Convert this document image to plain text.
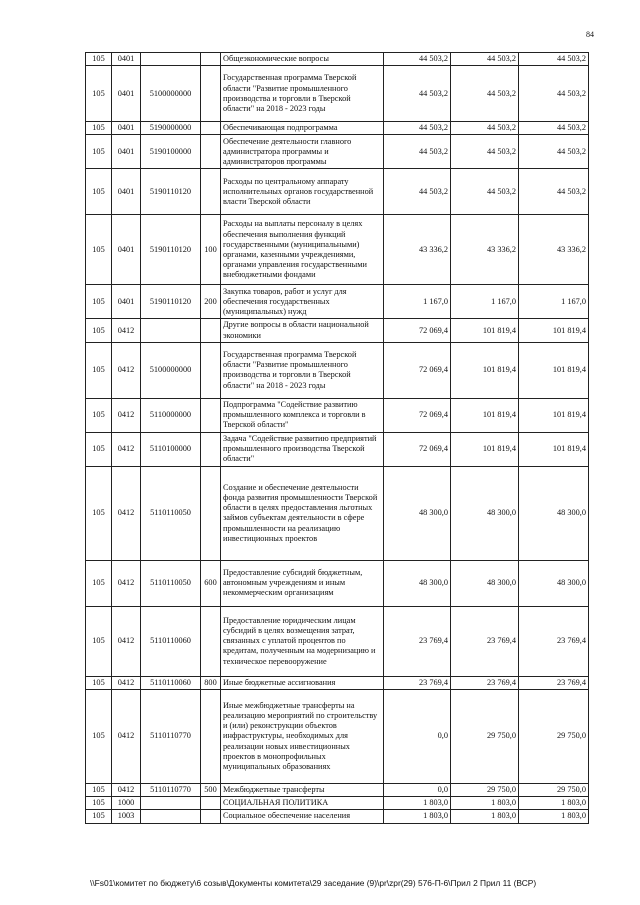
84
105	0401			Общеэкономические вопросы	44 503,2	44 503,2	44 503,2
105	0401	5100000000		Государственная программа Тверской области "Развитие промышленного производства и торговли в Тверской области" на 2018 - 2023 годы	44 503,2	44 503,2	44 503,2
105	0401	5190000000		Обеспечивающая подпрограмма	44 503,2	44 503,2	44 503,2
105	0401	5190100000		Обеспечение деятельности главного администратора программы и администраторов программы	44 503,2	44 503,2	44 503,2
105	0401	5190110120		Расходы по центральному аппарату исполнительных органов государственной власти Тверской области	44 503,2	44 503,2	44 503,2
105	0401	5190110120	100	Расходы на выплаты персоналу в целях обеспечения выполнения функций государственными (муниципальными) органами, казенными учреждениями, органами управления государственными внебюджетными фондами	43 336,2	43 336,2	43 336,2
105	0401	5190110120	200	Закупка товаров, работ и услуг для обеспечения государственных (муниципальных) нужд	1 167,0	1 167,0	1 167,0
105	0412			Другие вопросы в области национальной экономики	72 069,4	101 819,4	101 819,4
105	0412	5100000000		Государственная программа Тверской области "Развитие промышленного производства и торговли в Тверской области" на 2018 - 2023 годы	72 069,4	101 819,4	101 819,4
105	0412	5110000000		Подпрограмма "Содействие развитию промышленного комплекса и торговли в Тверской области"	72 069,4	101 819,4	101 819,4
105	0412	5110100000		Задача "Содействие развитию предприятий промышленного производства Тверской области"	72 069,4	101 819,4	101 819,4
105	0412	5110110050		Создание и обеспечение деятельности фонда развития промышленности Тверской области в целях предоставления льготных займов субъектам деятельности в сфере промышленности на реализацию инвестиционных проектов	48 300,0	48 300,0	48 300,0
105	0412	5110110050	600	Предоставление субсидий бюджетным, автономным учреждениям и иным некоммерческим организациям	48 300,0	48 300,0	48 300,0
105	0412	5110110060		Предоставление юридическим лицам субсидий в целях возмещения затрат, связанных с уплатой процентов по кредитам, полученным на модернизацию и техническое перевооружение	23 769,4	23 769,4	23 769,4
105	0412	5110110060	800	Иные бюджетные ассигнования	23 769,4	23 769,4	23 769,4
105	0412	5110110770		Иные межбюджетные трансферты на реализацию мероприятий по строительству и (или) реконструкции объектов инфраструктуры, необходимых для реализации новых инвестиционных проектов в монопрофильных муниципальных образованиях	0,0	29 750,0	29 750,0
105	0412	5110110770	500	Межбюджетные трансферты	0,0	29 750,0	29 750,0
105	1000			СОЦИАЛЬНАЯ ПОЛИТИКА	1 803,0	1 803,0	1 803,0
105	1003			Социальное обеспечение населения	1 803,0	1 803,0	1 803,0
\\Fs01\комитет по бюджету\6 созыв\Документы комитета\29 заседание (9)\pr\zpr(29) 576-П-6\Прил 2 Прил 11 (ВСР)
